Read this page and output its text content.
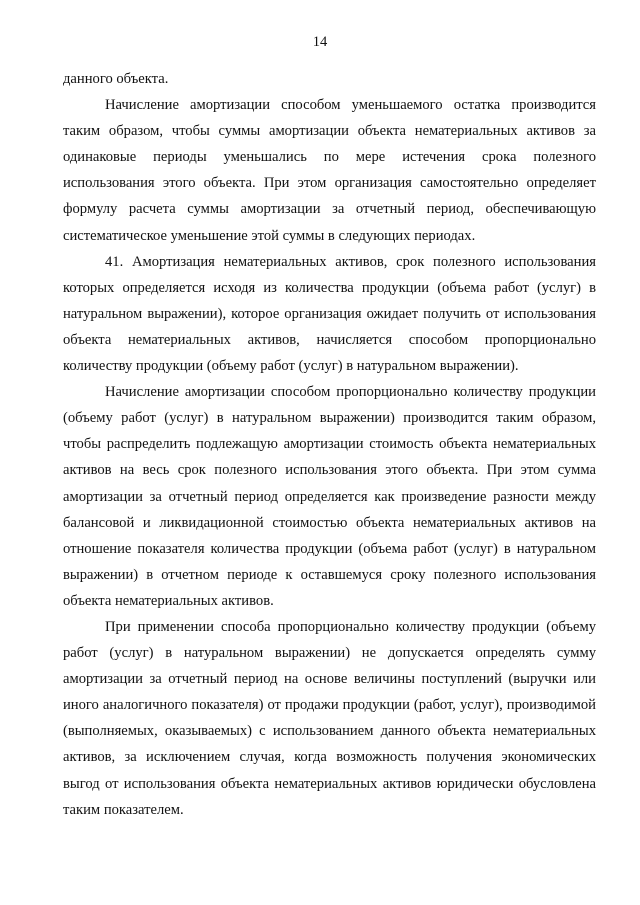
14

данного объекта.

Начисление амортизации способом уменьшаемого остатка производится таким образом, чтобы суммы амортизации объекта нематериальных активов за одинаковые периоды уменьшались по мере истечения срока полезного использования этого объекта. При этом организация самостоятельно определяет формулу расчета суммы амортизации за отчетный период, обеспечивающую систематическое уменьшение этой суммы в следующих периодах.

41. Амортизация нематериальных активов, срок полезного использования которых определяется исходя из количества продукции (объема работ (услуг) в натуральном выражении), которое организация ожидает получить от использования объекта нематериальных активов, начисляется способом пропорционально количеству продукции (объему работ (услуг) в натуральном выражении).

Начисление амортизации способом пропорционально количеству продукции (объему работ (услуг) в натуральном выражении) производится таким образом, чтобы распределить подлежащую амортизации стоимость объекта нематериальных активов на весь срок полезного использования этого объекта. При этом сумма амортизации за отчетный период определяется как произведение разности между балансовой и ликвидационной стоимостью объекта нематериальных активов на отношение показателя количества продукции (объема работ (услуг) в натуральном выражении) в отчетном периоде к оставшемуся сроку полезного использования объекта нематериальных активов.

При применении способа пропорционально количеству продукции (объему работ (услуг) в натуральном выражении) не допускается определять сумму амортизации за отчетный период на основе величины поступлений (выручки или иного аналогичного показателя) от продажи продукции (работ, услуг), производимой (выполняемых, оказываемых) с использованием данного объекта нематериальных активов, за исключением случая, когда возможность получения экономических выгод от использования объекта нематериальных активов юридически обусловлена таким показателем.
